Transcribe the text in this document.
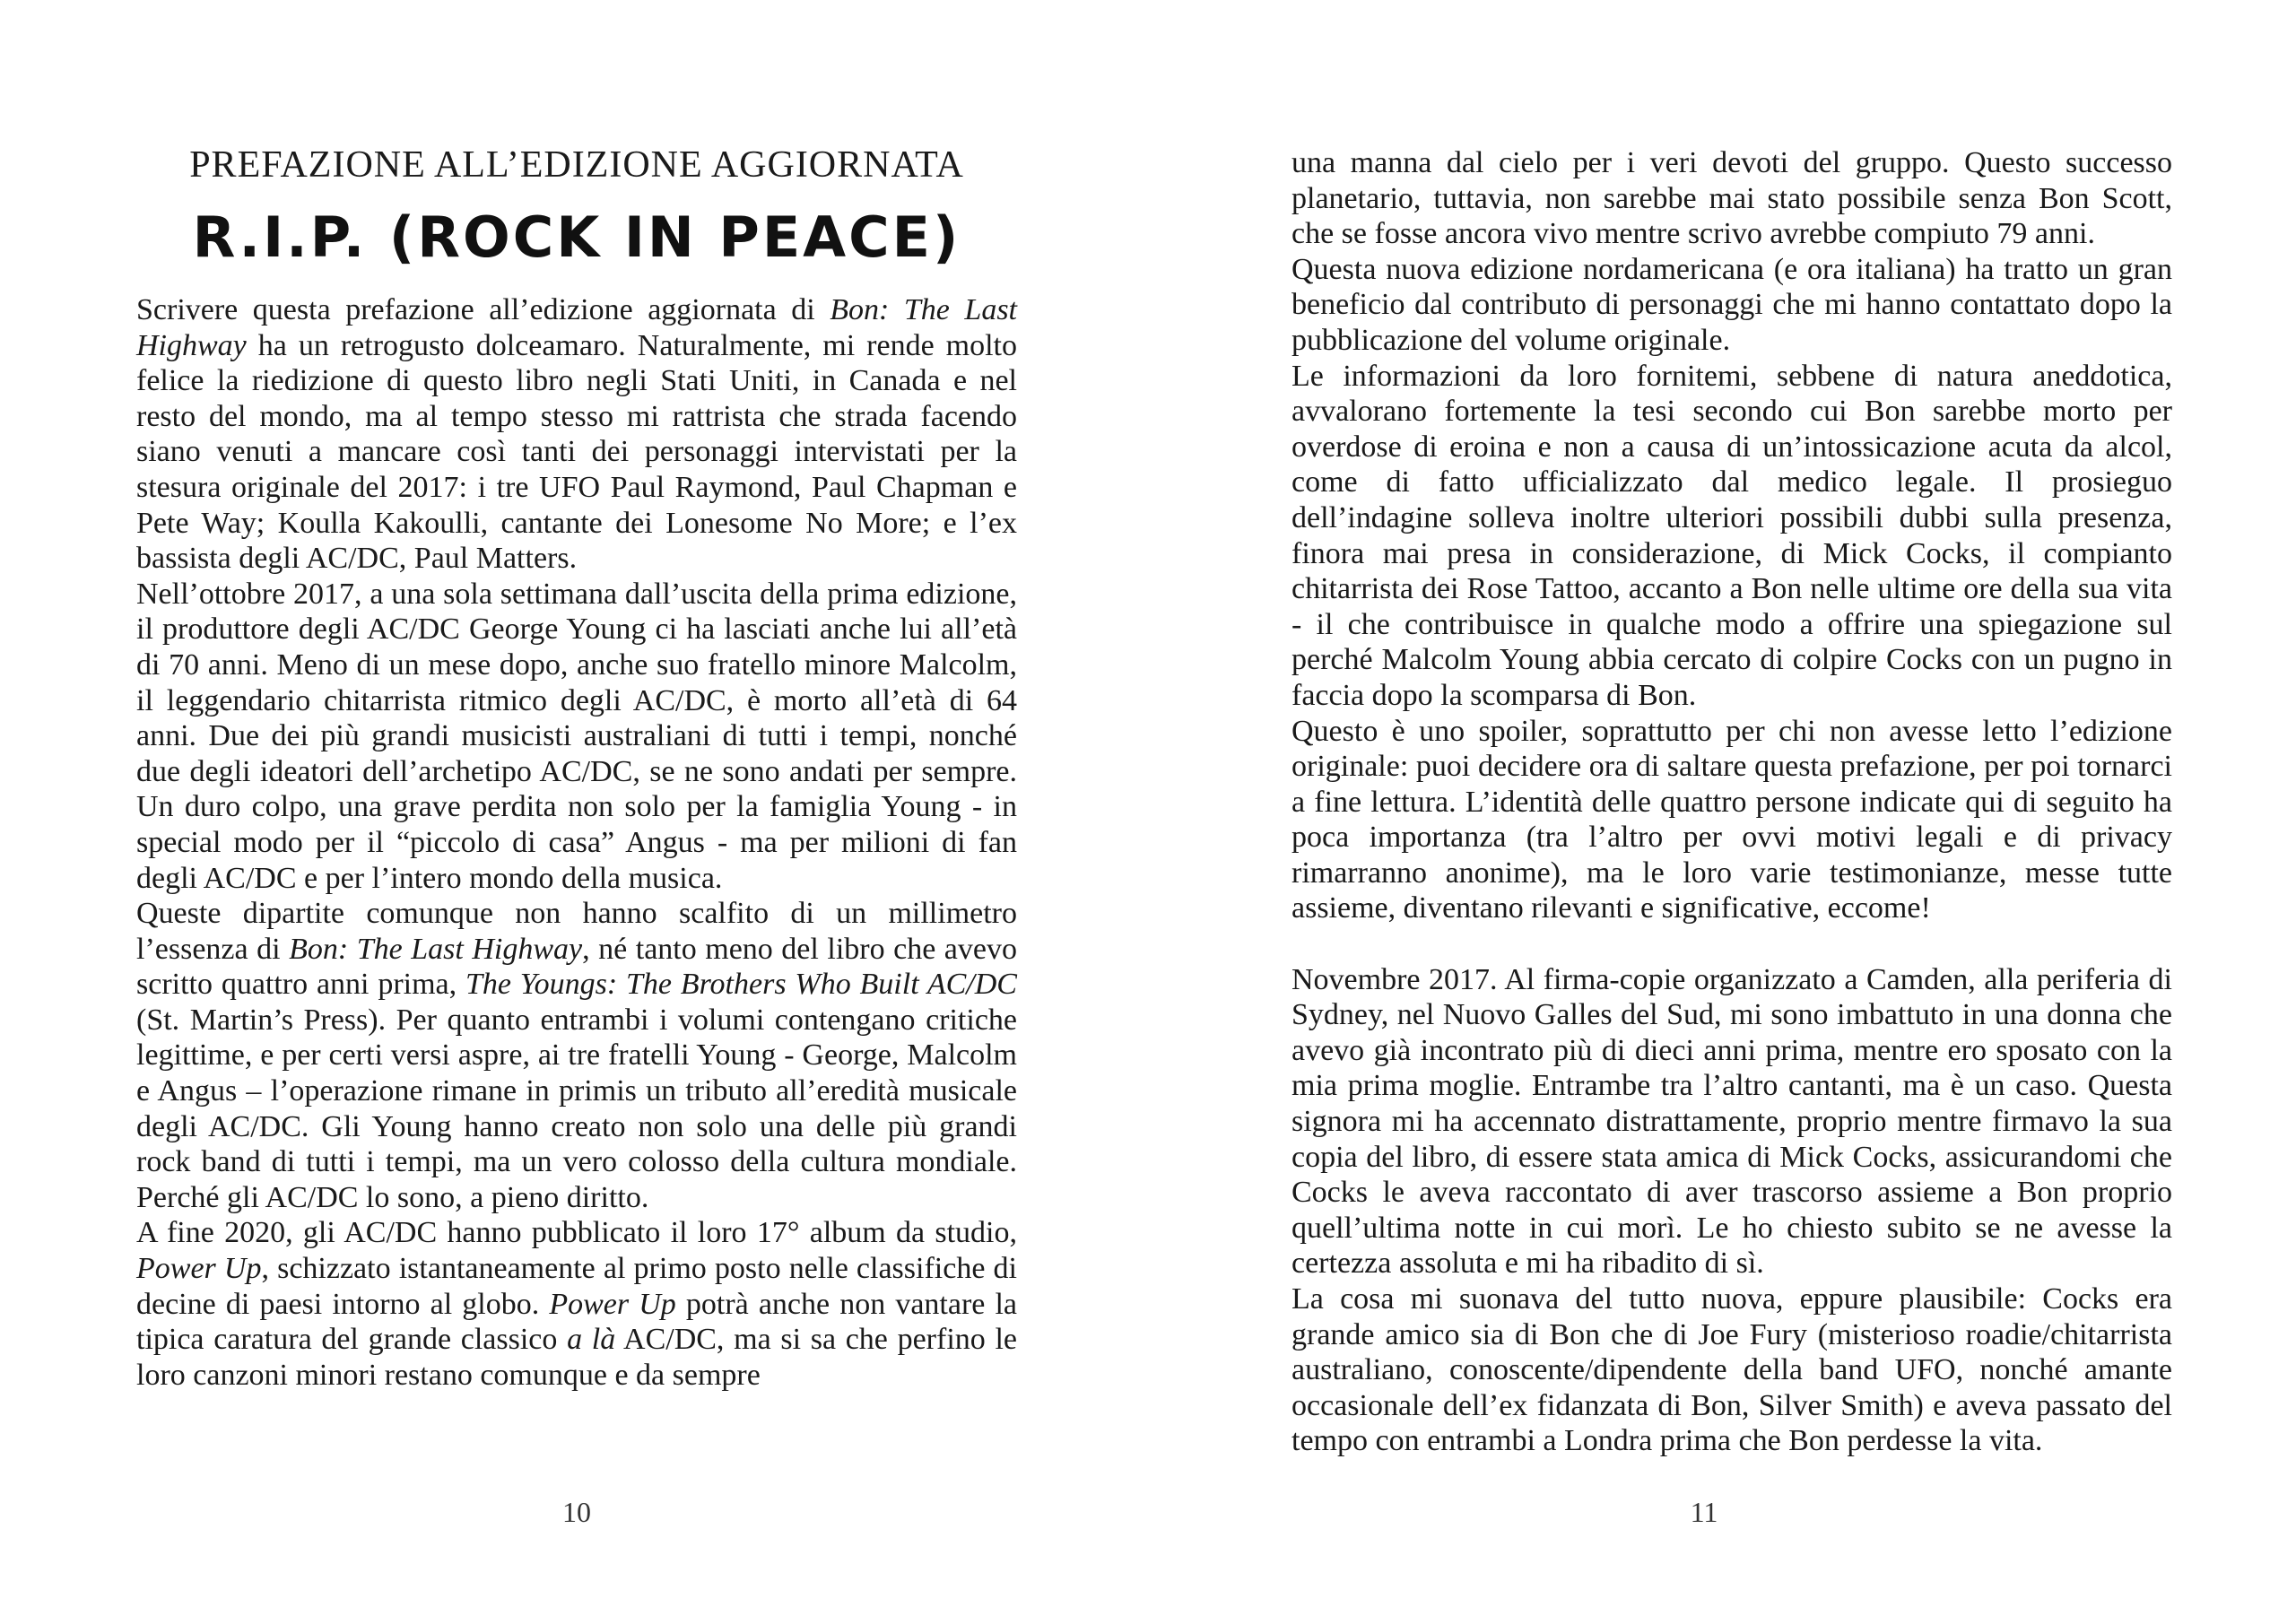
PREFAZIONE ALL’EDIZIONE AGGIORNATA
R.I.P. (ROCK IN PEACE)

Scrivere questa prefazione all’edizione aggiornata di Bon: The Last Highway ha un retrogusto dolceamaro. Naturalmente, mi rende molto felice la riedizione di questo libro negli Stati Uniti, in Canada e nel resto del mondo, ma al tempo stesso mi rattrista che strada facendo siano venuti a mancare così tanti dei personaggi intervistati per la stesura originale del 2017: i tre UFO Paul Raymond, Paul Chapman e Pete Way; Koulla Kakoulli, cantante dei Lonesome No More; e l’ex bassista degli AC/DC, Paul Matters.

Nell’ottobre 2017, a una sola settimana dall’uscita della prima edizione, il produttore degli AC/DC George Young ci ha lasciati anche lui all’età di 70 anni. Meno di un mese dopo, anche suo fratello minore Malcolm, il leggendario chitarrista ritmico degli AC/DC, è morto all’età di 64 anni. Due dei più grandi musicisti australiani di tutti i tempi, nonché due degli ideatori dell’archetipo AC/DC, se ne sono andati per sempre. Un duro colpo, una grave perdita non solo per la famiglia Young - in special modo per il “piccolo di casa” Angus - ma per milioni di fan degli AC/DC e per l’intero mondo della musica.

Queste dipartite comunque non hanno scalfito di un millimetro l’essenza di Bon: The Last Highway, né tanto meno del libro che avevo scritto quattro anni prima, The Youngs: The Brothers Who Built AC/DC (St. Martin’s Press). Per quanto entrambi i volumi contengano critiche legittime, e per certi versi aspre, ai tre fratelli Young - George, Malcolm e Angus – l’operazione rimane in primis un tributo all’eredità musicale degli AC/DC. Gli Young hanno creato non solo una delle più grandi rock band di tutti i tempi, ma un vero colosso della cultura mondiale. Perché gli AC/DC lo sono, a pieno diritto.

A fine 2020, gli AC/DC hanno pubblicato il loro 17° album da studio, Power Up, schizzato istantaneamente al primo posto nelle classifiche di decine di paesi intorno al globo. Power Up potrà anche non vantare la tipica caratura del grande classico a là AC/DC, ma si sa che perfino le loro canzoni minori restano comunque e da sempre

10

una manna dal cielo per i veri devoti del gruppo. Questo successo planetario, tuttavia, non sarebbe mai stato possibile senza Bon Scott, che se fosse ancora vivo mentre scrivo avrebbe compiuto 79 anni.

Questa nuova edizione nordamericana (e ora italiana) ha tratto un gran beneficio dal contributo di personaggi che mi hanno contattato dopo la pubblicazione del volume originale.

Le informazioni da loro fornitemi, sebbene di natura aneddotica, avvalorano fortemente la tesi secondo cui Bon sarebbe morto per overdose di eroina e non a causa di un’intossicazione acuta da alcol, come di fatto ufficializzato dal medico legale. Il prosieguo dell’indagine solleva inoltre ulteriori possibili dubbi sulla presenza, finora mai presa in considerazione, di Mick Cocks, il compianto chitarrista dei Rose Tattoo, accanto a Bon nelle ultime ore della sua vita - il che contribuisce in qualche modo a offrire una spiegazione sul perché Malcolm Young abbia cercato di colpire Cocks con un pugno in faccia dopo la scomparsa di Bon.

Questo è uno spoiler, soprattutto per chi non avesse letto l’edizione originale: puoi decidere ora di saltare questa prefazione, per poi tornarci a fine lettura. L’identità delle quattro persone indicate qui di seguito ha poca importanza (tra l’altro per ovvi motivi legali e di privacy rimarranno anonime), ma le loro varie testimonianze, messe tutte assieme, diventano rilevanti e significative, eccome!

Novembre 2017. Al firma-copie organizzato a Camden, alla periferia di Sydney, nel Nuovo Galles del Sud, mi sono imbattuto in una donna che avevo già incontrato più di dieci anni prima, mentre ero sposato con la mia prima moglie. Entrambe tra l’altro cantanti, ma è un caso. Questa signora mi ha accennato distrattamente, proprio mentre firmavo la sua copia del libro, di essere stata amica di Mick Cocks, assicurandomi che Cocks le aveva raccontato di aver trascorso assieme a Bon proprio quell’ultima notte in cui morì. Le ho chiesto subito se ne avesse la certezza assoluta e mi ha ribadito di sì.

La cosa mi suonava del tutto nuova, eppure plausibile: Cocks era grande amico sia di Bon che di Joe Fury (misterioso roadie/chitarrista australiano, conoscente/dipendente della band UFO, nonché amante occasionale dell’ex fidanzata di Bon, Silver Smith) e aveva passato del tempo con entrambi a Londra prima che Bon perdesse la vita.

11
